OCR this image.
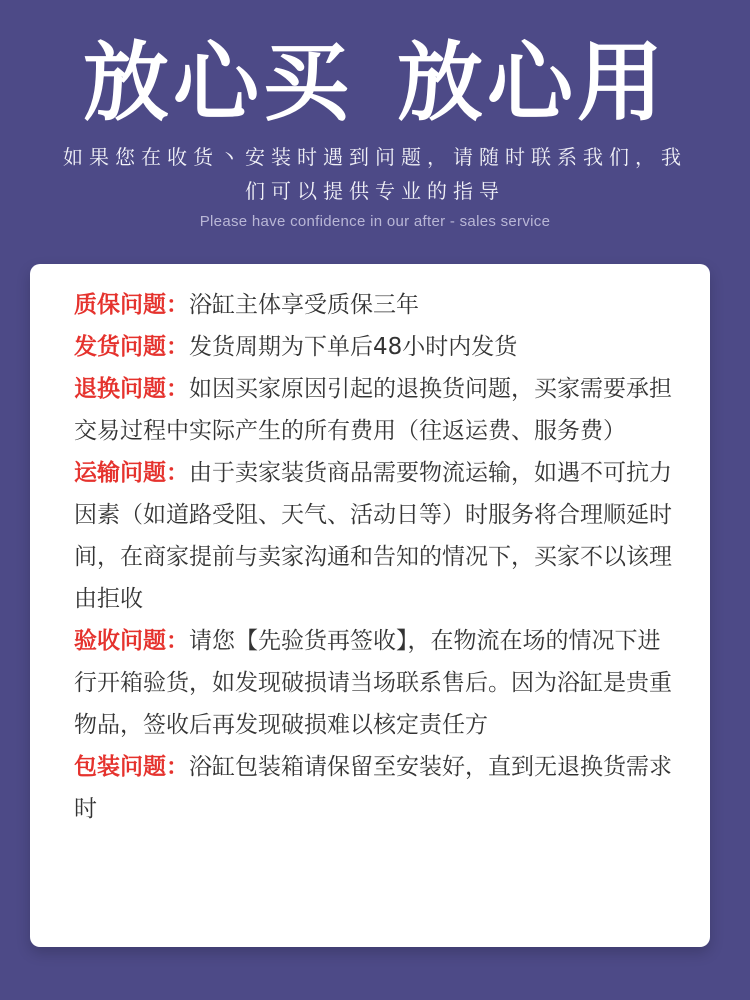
放心买 放心用
如果您在收货丶安装时遇到问题，请随时联系我们，我们可以提供专业的指导
Please have confidence in our after - sales service

质保问题：浴缸主体享受质保三年

发货问题：发货周期为下单后48小时内发货

退换问题：如因买家原因引起的退换货问题，买家需要承担交易过程中实际产生的所有费用（往返运费、服务费）

运输问题：由于卖家装货商品需要物流运输，如遇不可抗力因素（如道路受阻、天气、活动日等）时服务将合理顺延时间，在商家提前与卖家沟通和告知的情况下，买家不以该理由拒收

验收问题：请您【先验货再签收】，在物流在场的情况下进行开箱验货，如发现破损请当场联系售后。因为浴缸是贵重物品，签收后再发现破损难以核定责任方

包装问题：浴缸包装箱请保留至安装好，直到无退换货需求时
